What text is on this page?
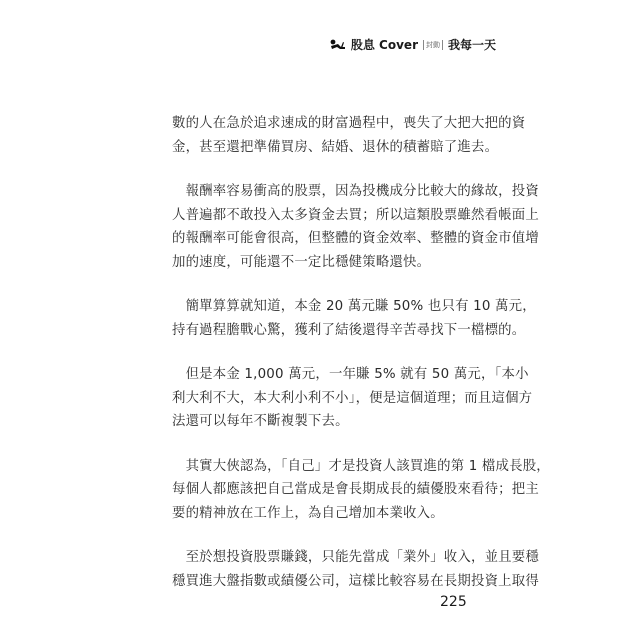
股息 Cover	封動 我每一天

數的人在急於追求速成的財富過程中，喪失了大把大把的資
金，甚至還把準備買房、結婚、退休的積蓄賠了進去。

　報酬率容易衝高的股票，因為投機成分比較大的緣故，投資
人普遍都不敢投入太多資金去買；所以這類股票雖然看帳面上
的報酬率可能會很高，但整體的資金效率、整體的資金市值增
加的速度，可能還不一定比穩健策略還快。

　簡單算算就知道，本金 20 萬元賺 50% 也只有 10 萬元，
持有過程膽戰心驚，獲利了結後還得辛苦尋找下一檔標的。

　但是本金 1,000 萬元，一年賺 5% 就有 50 萬元，「本小
利大利不大，本大利小利不小」，便是這個道理；而且這個方
法還可以每年不斷複製下去。

　其實大俠認為，「自己」才是投資人該買進的第 1 檔成長股，
每個人都應該把自己當成是會長期成長的績優股來看待；把主
要的精神放在工作上，為自己增加本業收入。

　至於想投資股票賺錢，只能先當成「業外」收入，並且要穩
穩買進大盤指數或績優公司，這樣比較容易在長期投資上取得

225
